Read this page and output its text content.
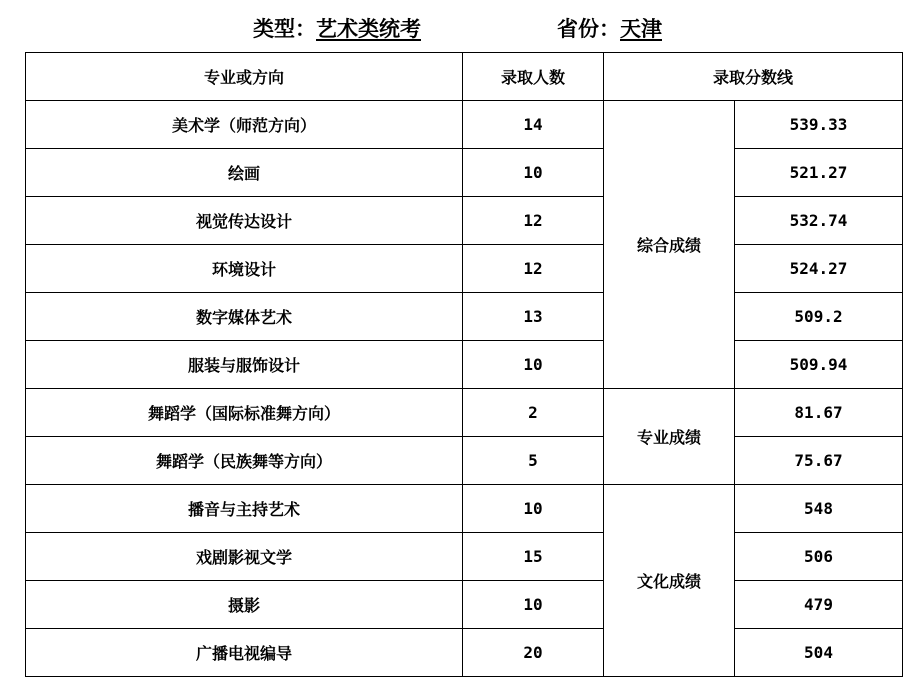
类型：艺术类统考	省份：天津
专业或方向	录取人数	录取分数线	
美术学（师范方向）	14	综合成绩	539.33
绘画	10		521.27
视觉传达设计	12		532.74
环境设计	12		524.27
数字媒体艺术	13		509.2
服装与服饰设计	10		509.94
舞蹈学（国际标准舞方向）	2	专业成绩	81.67
舞蹈学（民族舞等方向）	5		75.67
播音与主持艺术	10	文化成绩	548
戏剧影视文学	15		506
摄影	10		479
广播电视编导	20		504
